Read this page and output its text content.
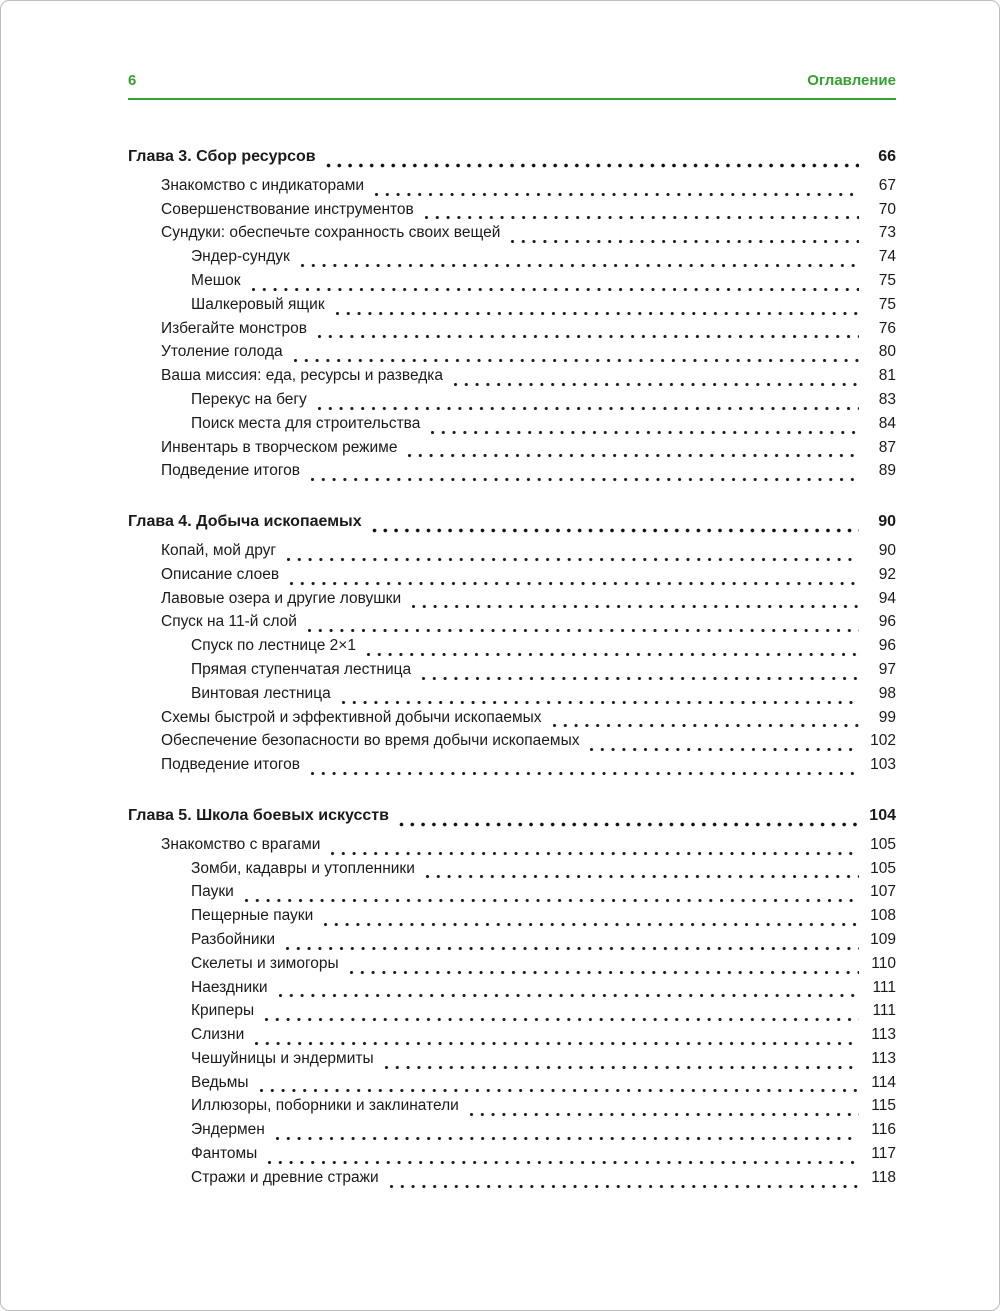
6	Оглавление
Глава 3. Сбор ресурсов	66
Знакомство с индикаторами	67
Совершенствование инструментов	70
Сундуки: обеспечьте сохранность своих вещей	73
Эндер-сундук	74
Мешок	75
Шалкеровый ящик	75
Избегайте монстров	76
Утоление голода	80
Ваша миссия: еда, ресурсы и разведка	81
Перекус на бегу	83
Поиск места для строительства	84
Инвентарь в творческом режиме	87
Подведение итогов	89
Глава 4. Добыча ископаемых	90
Копай, мой друг	90
Описание слоев	92
Лавовые озера и другие ловушки	94
Спуск на 11-й слой	96
Спуск по лестнице 2×1	96
Прямая ступенчатая лестница	97
Винтовая лестница	98
Схемы быстрой и эффективной добычи ископаемых	99
Обеспечение безопасности во время добычи ископаемых	102
Подведение итогов	103
Глава 5. Школа боевых искусств	104
Знакомство с врагами	105
Зомби, кадавры и утопленники	105
Пауки	107
Пещерные пауки	108
Разбойники	109
Скелеты и зимогоры	110
Наездники	111
Криперы	111
Слизни	113
Чешуйницы и эндермиты	113
Ведьмы	114
Иллюзоры, поборники и заклинатели	115
Эндермен	116
Фантомы	117
Стражи и древние стражи	118
